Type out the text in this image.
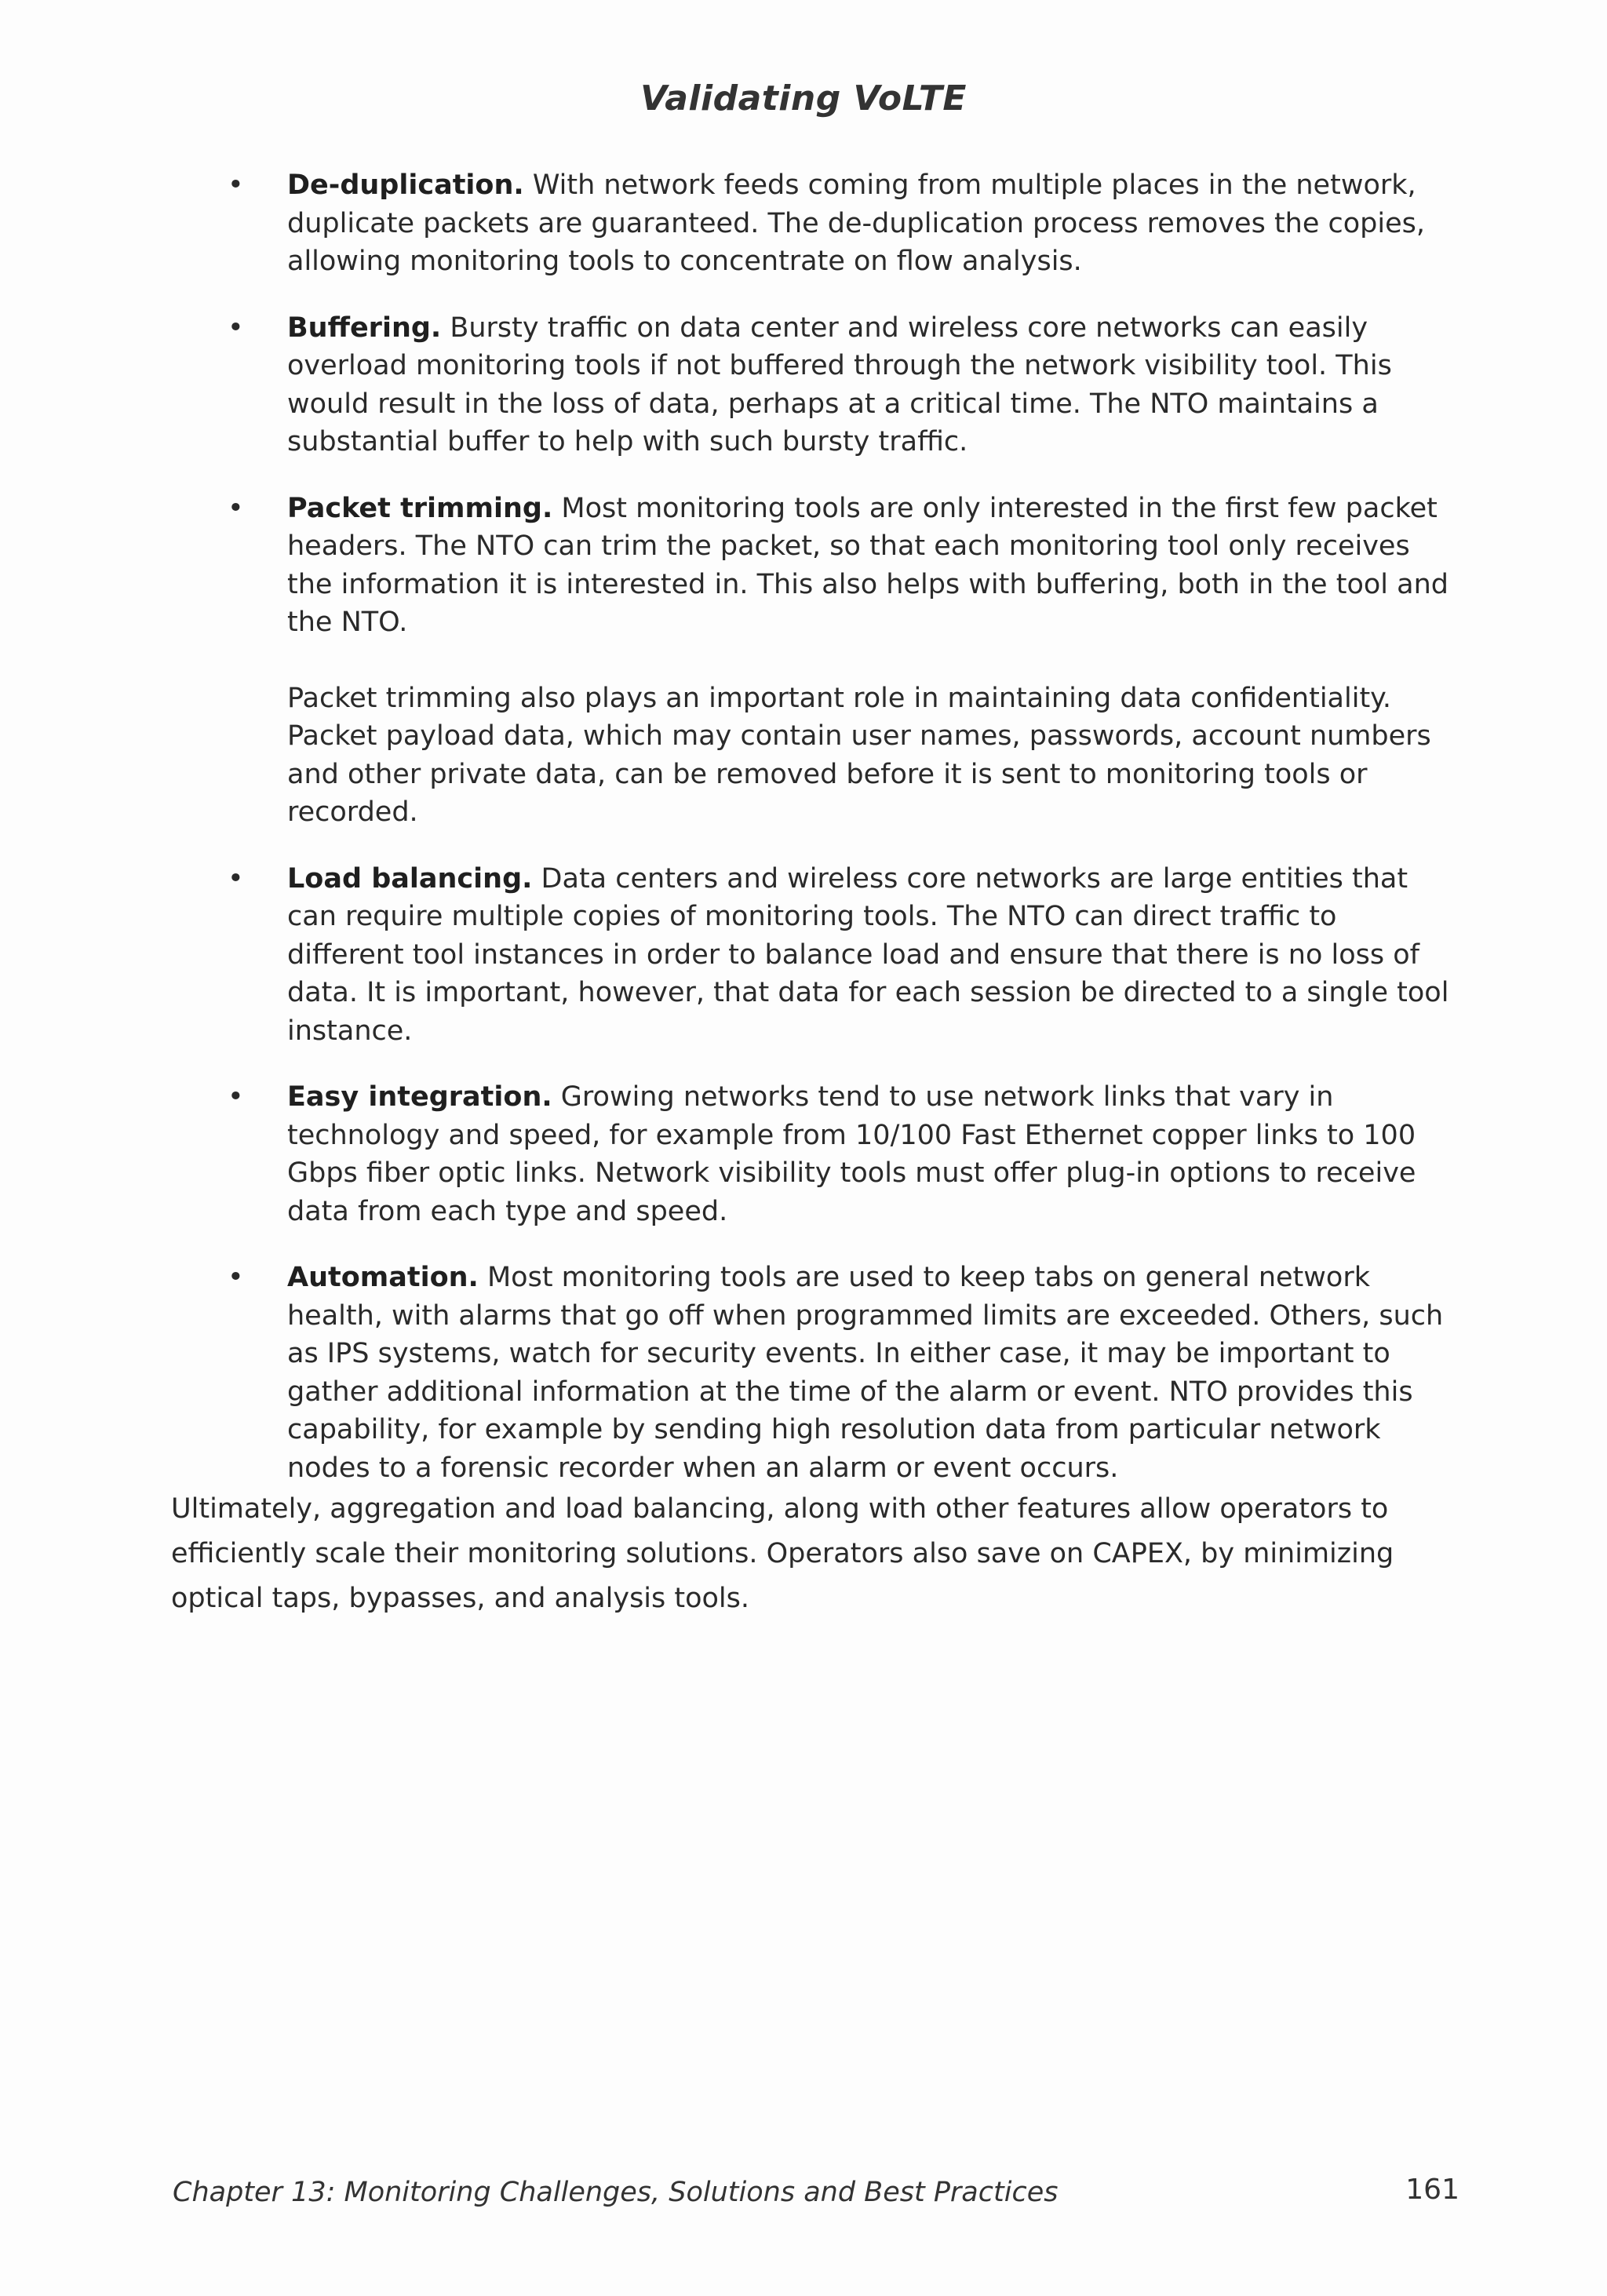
Validating VoLTE
• De-duplication. With network feeds coming from multiple places in the network, duplicate packets are guaranteed. The de-duplication process removes the copies, allowing monitoring tools to concentrate on flow analysis.
• Buffering. Bursty traffic on data center and wireless core networks can easily overload monitoring tools if not buffered through the network visibility tool. This would result in the loss of data, perhaps at a critical time. The NTO maintains a substantial buffer to help with such bursty traffic.
• Packet trimming. Most monitoring tools are only interested in the first few packet headers. The NTO can trim the packet, so that each monitoring tool only receives the information it is interested in. This also helps with buffering, both in the tool and the NTO.
Packet trimming also plays an important role in maintaining data confidentiality. Packet payload data, which may contain user names, passwords, account numbers and other private data, can be removed before it is sent to monitoring tools or recorded.
• Load balancing. Data centers and wireless core networks are large entities that can require multiple copies of monitoring tools. The NTO can direct traffic to different tool instances in order to balance load and ensure that there is no loss of data. It is important, however, that data for each session be directed to a single tool instance.
• Easy integration. Growing networks tend to use network links that vary in technology and speed, for example from 10/100 Fast Ethernet copper links to 100 Gbps fiber optic links. Network visibility tools must offer plug-in options to receive data from each type and speed.
• Automation. Most monitoring tools are used to keep tabs on general network health, with alarms that go off when programmed limits are exceeded. Others, such as IPS systems, watch for security events. In either case, it may be important to gather additional information at the time of the alarm or event. NTO provides this capability, for example by sending high resolution data from particular network nodes to a forensic recorder when an alarm or event occurs.

Ultimately, aggregation and load balancing, along with other features allow operators to efficiently scale their monitoring solutions. Operators also save on CAPEX, by minimizing optical taps, bypasses, and analysis tools.

Chapter 13: Monitoring Challenges, Solutions and Best Practices	161
